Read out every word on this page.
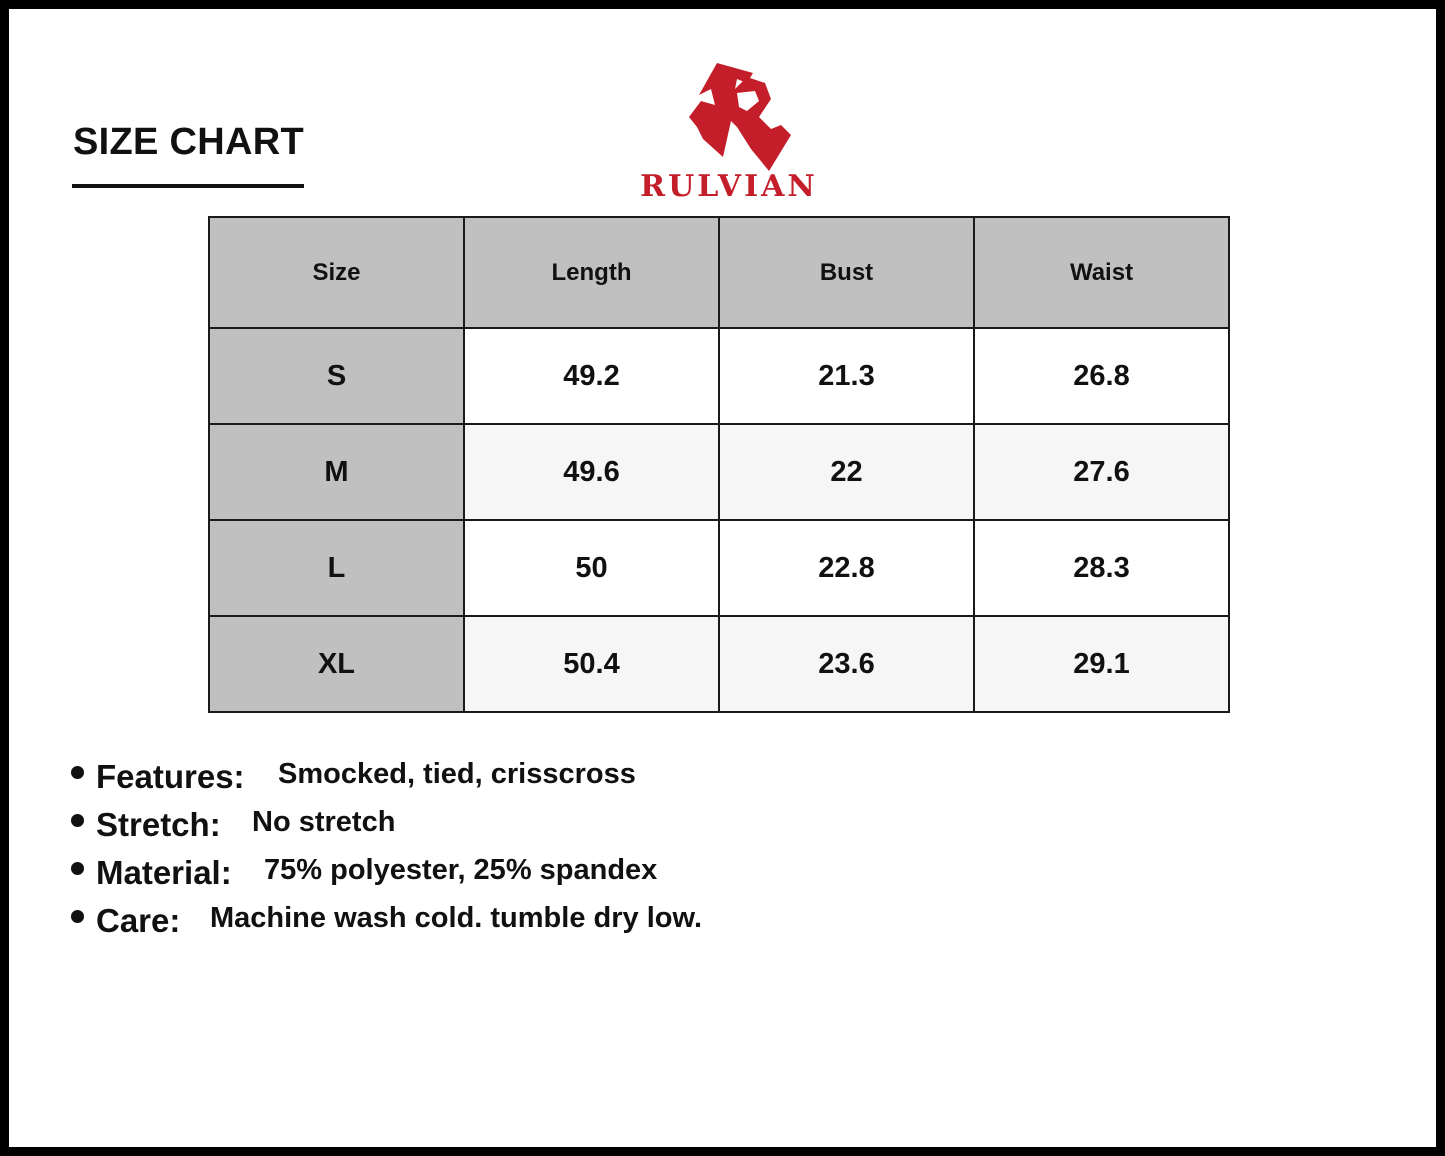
SIZE CHART
RULVIAN
Size	Length	Bust	Waist
S	49.2	21.3	26.8
M	49.6	22	27.6
L	50	22.8	28.3
XL	50.4	23.6	29.1
Features: Smocked, tied, crisscross
Stretch: No stretch
Material: 75% polyester, 25% spandex
Care: Machine wash cold. tumble dry low.
